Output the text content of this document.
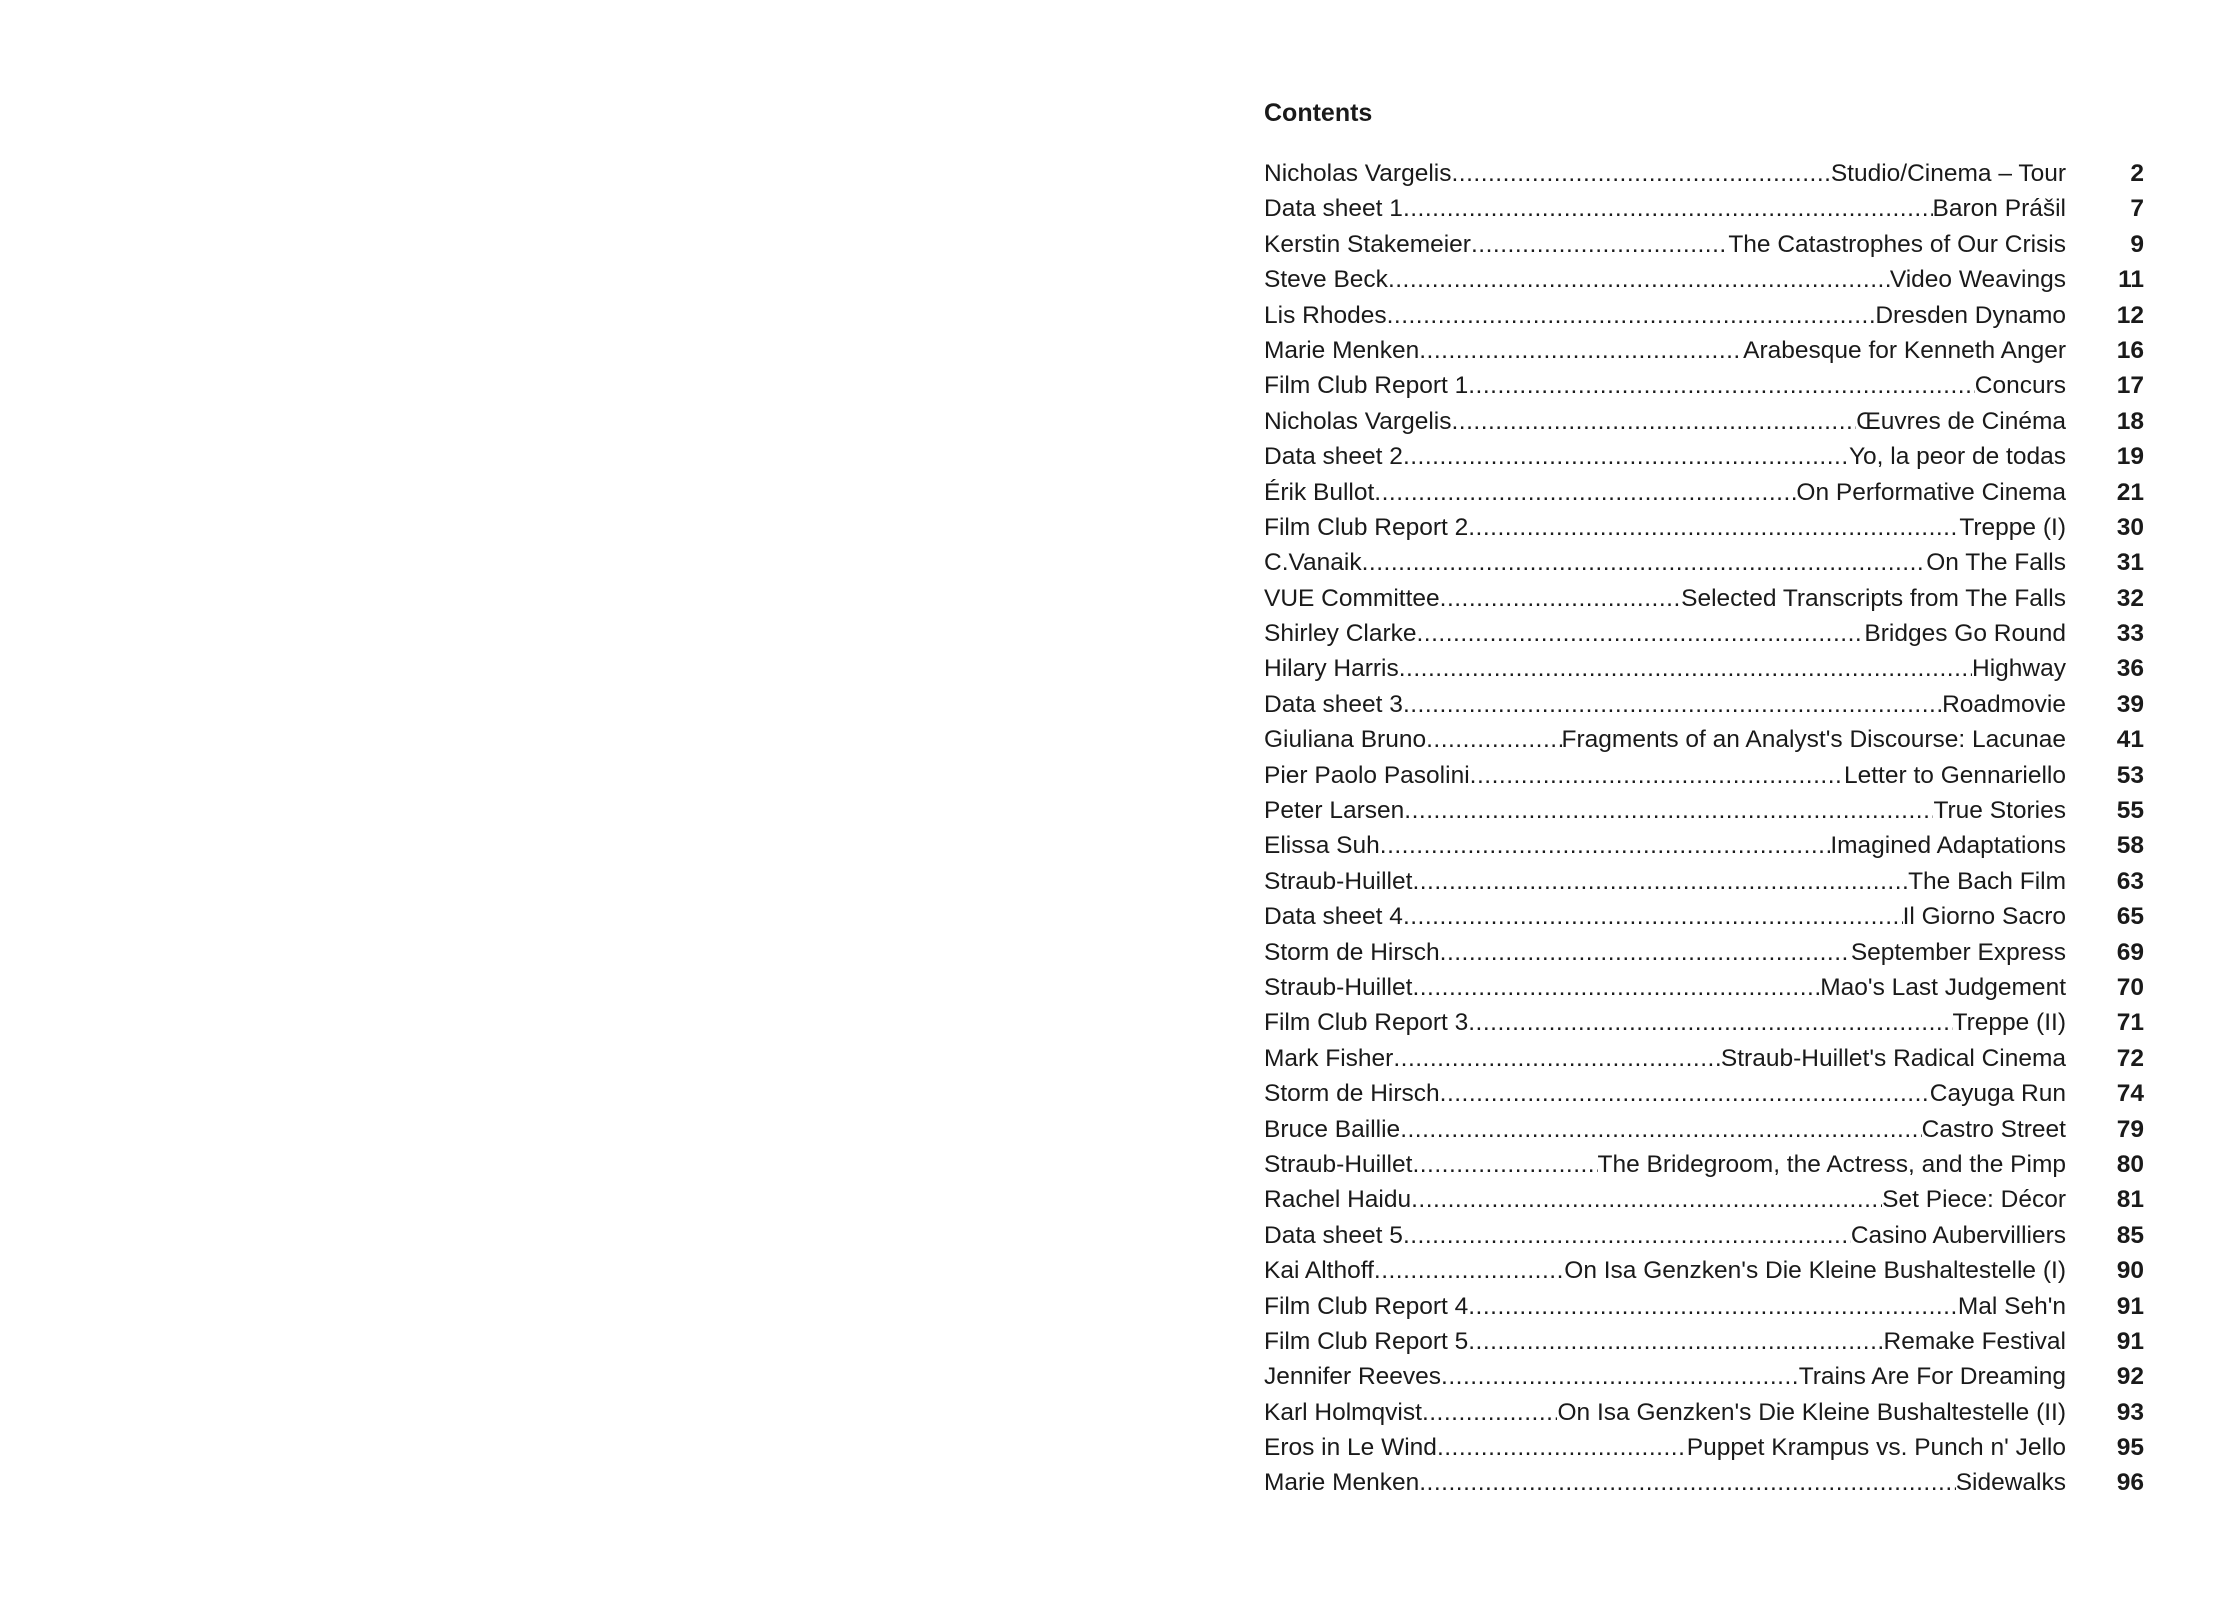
Contents
Nicholas Vargelis .....	Studio/Cinema – Tour	2
Data sheet 1 .....	Baron Prášil	7
Kerstin Stakemeier .....	The Catastrophes of Our Crisis	9
Steve Beck .....	Video Weavings	11
Lis Rhodes .....	Dresden Dynamo	12
Marie Menken .....	Arabesque for Kenneth Anger	16
Film Club Report 1 .....	Concurs	17
Nicholas Vargelis .....	Œuvres de Cinéma	18
Data sheet 2 .....	Yo, la peor de todas	19
Érik Bullot .....	On Performative Cinema	21
Film Club Report 2 .....	Treppe (I)	30
C.Vanaik .....	On The Falls	31
VUE Committee .....	Selected Transcripts from The Falls	32
Shirley Clarke .....	Bridges Go Round	33
Hilary Harris .....	Highway	36
Data sheet 3 .....	Roadmovie	39
Giuliana Bruno .....	Fragments of an Analyst's Discourse: Lacunae	41
Pier Paolo Pasolini .....	Letter to Gennariello	53
Peter Larsen .....	True Stories	55
Elissa Suh .....	Imagined Adaptations	58
Straub-Huillet .....	The Bach Film	63
Data sheet 4 .....	Il Giorno Sacro	65
Storm de Hirsch .....	September Express	69
Straub-Huillet .....	Mao's Last Judgement	70
Film Club Report 3 .....	Treppe (II)	71
Mark Fisher .....	Straub-Huillet's Radical Cinema	72
Storm de Hirsch .....	Cayuga Run	74
Bruce Baillie .....	Castro Street	79
Straub-Huillet .....	The Bridegroom, the Actress, and the Pimp	80
Rachel Haidu .....	Set Piece: Décor	81
Data sheet 5 .....	Casino Aubervilliers	85
Kai Althoff .....	On Isa Genzken's Die Kleine Bushaltestelle (I)	90
Film Club Report 4 .....	Mal Seh'n	91
Film Club Report 5 .....	Remake Festival	91
Jennifer Reeves .....	Trains Are For Dreaming	92
Karl Holmqvist .....	On Isa Genzken's Die Kleine Bushaltestelle (II)	93
Eros in Le Wind .....	Puppet Krampus vs. Punch n' Jello	95
Marie Menken .....	Sidewalks	96
